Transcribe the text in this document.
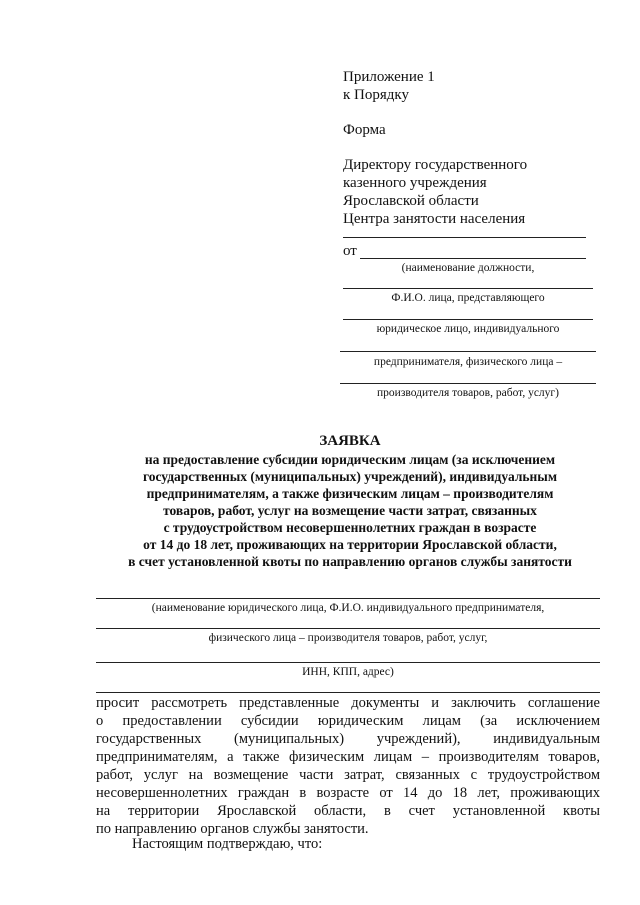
Приложение 1
к Порядку
Форма
Директору государственного
казенного учреждения
Ярославской области
Центра занятости населения
от
(наименование должности,
Ф.И.О. лица, представляющего
юридическое лицо, индивидуального
предпринимателя, физического лица –
производителя товаров, работ, услуг)
ЗАЯВКА
на предоставление субсидии юридическим лицам (за исключением
государственных (муниципальных) учреждений), индивидуальным
предпринимателям, а также физическим лицам – производителям
товаров, работ, услуг на возмещение части затрат, связанных
с трудоустройством несовершеннолетних граждан в возрасте
от 14 до 18 лет, проживающих на территории Ярославской области,
в счет установленной квоты по направлению органов службы занятости
(наименование юридического лица, Ф.И.О. индивидуального предпринимателя,
физического лица – производителя товаров, работ, услуг,
ИНН, КПП, адрес)
просит рассмотреть представленные документы и заключить соглашение
о предоставлении субсидии юридическим лицам (за исключением
государственных (муниципальных) учреждений), индивидуальным
предпринимателям, а также физическим лицам – производителям товаров,
работ, услуг на возмещение части затрат, связанных с трудоустройством
несовершеннолетних граждан в возрасте от 14 до 18 лет, проживающих
на территории Ярославской области, в счет установленной квоты
по направлению органов службы занятости.
Настоящим подтверждаю, что:
